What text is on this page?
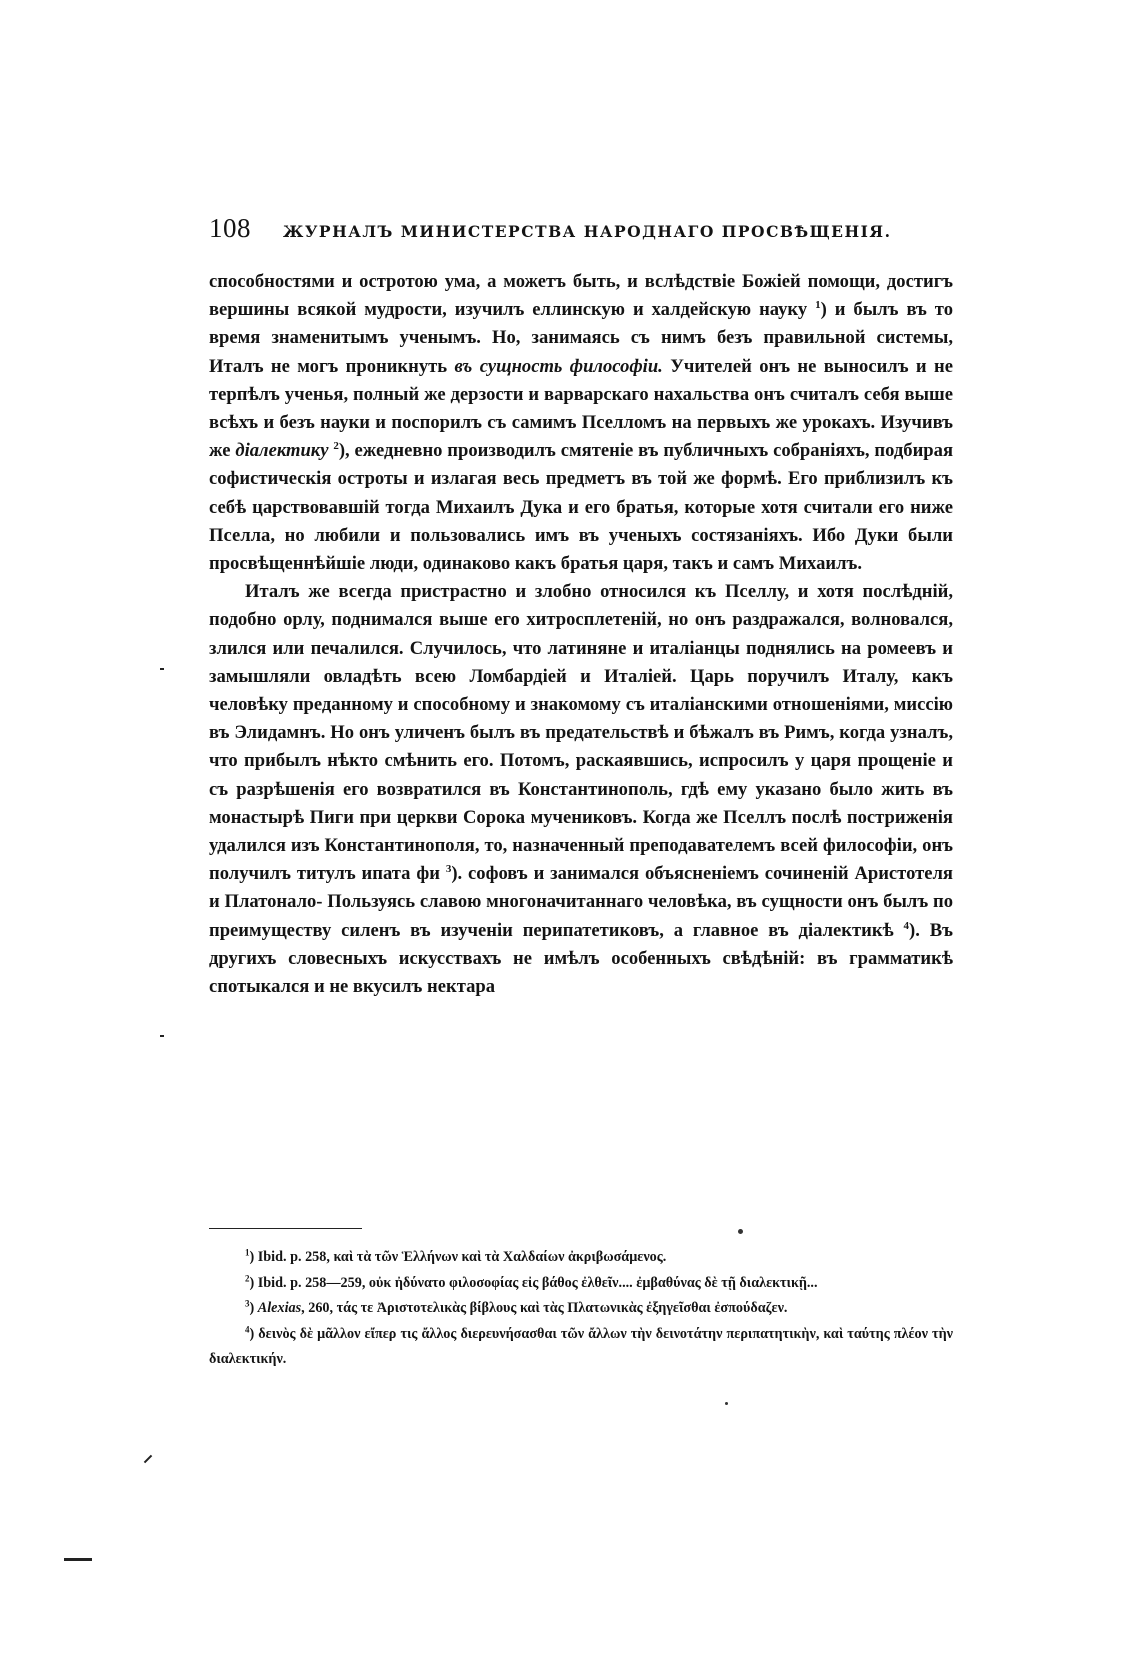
108 ЖУРНАЛЪ МИНИСТЕРСТВА НАРОДНАГО ПРОСВѢЩЕНІЯ.

способностями и остротою ума, а можетъ быть, и вслѣдствіе Божіей помощи, достигъ вершины всякой мудрости, изучилъ еллинскую и халдейскую науку $^1$) и былъ въ то время знаменитымъ ученымъ. Но, занимаясь съ нимъ безъ правильной системы, Италъ не могъ проникнуть въ сущность философіи. Учителей онъ не выносилъ и не терпѣлъ ученья, полный же дерзости и варварскаго нахальства онъ считалъ себя выше всѣхъ и безъ науки и поспорилъ съ самимъ Пселломъ на первыхъ же урокахъ. Изучивъ же діалектику $^2$), ежедневно производилъ смятеніе въ публичныхъ собраніяхъ, подбирая софистическія остроты и излагая весь предметъ въ той же формѣ. Его приблизилъ къ себѣ царствовавшій тогда Михаилъ Дука и его братья, которые хотя считали его ниже Пселла, но любили и пользовались имъ въ ученыхъ состязаніяхъ. Ибо Дуки были просвѣщеннѣйшіе люди, одинаково какъ братья царя, такъ и самъ Михаилъ.

Италъ же всегда пристрастно и злобно относился къ Пселлу, и хотя послѣдній, подобно орлу, поднимался выше его хитросплетеній, но онъ раздражался, волновался, злился или печалился. Случилось, что латиняне и италіанцы поднялись на ромеевъ и замышляли овладѣть всею Ломбардіей и Италіей. Царь поручилъ Италу, какъ человѣку преданному и способному и знакомому съ италіанскими отношеніями, миссію въ Элидамнъ. Но онъ уличенъ былъ въ предательствѣ и бѣжалъ въ Римъ, когда узналъ, что прибылъ нѣкто смѣнить его. Потомъ, раскаявшись, испросилъ у царя прощеніе и съ разрѣшенія его возвратился въ Константинополь, гдѣ ему указано было жить въ монастырѣ Пиги при церкви Сорока мучениковъ. Когда же Пселлъ послѣ постриженія удалился изъ Константинополя, то, назначенный преподавателемъ всей философіи, онъ получилъ титулъ ипата фи $^3$). софовъ и занимался объясненіемъ сочиненій Аристотеля и Платонало- Пользуясь славою многоначитаннаго человѣка, въ сущности онъ былъ по преимуществу силенъ въ изученіи перипатетиковъ, а главное въ діалектикѣ $^4$). Въ другихъ словесныхъ искусствахъ не имѣлъ особенныхъ свѣдѣній: въ грамматикѣ спотыкался и не вкусилъ нектара

$^1$) Ibid. p. 258, καὶ τὰ τῶν Ἑλλήνων καὶ τὰ Χαλδαίων ἀκριβωσάμενος.

$^2$) Ibid. p. 258—259, οὐκ ἠδύνατο φιλοσοφίας εἰς βάθος ἐλθεῖν.... ἐμβαθύνας δὲ τῇ διαλεκτικῇ...

$^3$) Alexias, 260, τάς τε Ἀριστοτελικὰς βίβλους καὶ τὰς Πλατωνικὰς ἐξηγεῖσθαι ἐσπούδαζεν.

$^4$) δεινὸς δὲ μᾶλλον εἴπερ τις ἄλλος διερευνήσασθαι τῶν ἄλλων τὴν δεινοτάτην περιπατητικὴν, καὶ ταύτης πλέον τὴν διαλεκτικήν.
